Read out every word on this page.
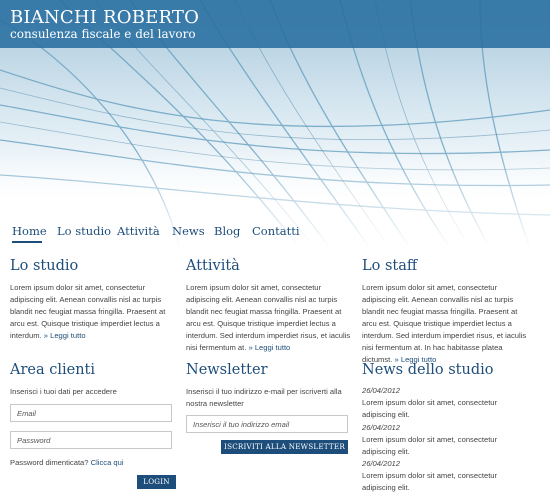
BIANCHI ROBERTO
consulenza fiscale e del lavoro
Home Lo studio Attività News Blog Contatti
Lo studio
Lorem ipsum dolor sit amet, consectetur adipiscing elit. Aenean convallis nisl ac turpis blandit nec feugiat massa fringilla. Praesent at arcu est. Quisque tristique imperdiet lectus a interdum. » Leggi tutto
Attività
Lorem ipsum dolor sit amet, consectetur adipiscing elit. Aenean convallis nisl ac turpis blandit nec feugiat massa fringilla. Praesent at arcu est. Quisque tristique imperdiet lectus a interdum. Sed interdum imperdiet risus, et iaculis nisi fermentum at. » Leggi tutto
Lo staff
Lorem ipsum dolor sit amet, consectetur adipiscing elit. Aenean convallis nisl ac turpis blandit nec feugiat massa fringilla. Praesent at arcu est. Quisque tristique imperdiet lectus a interdum. Sed interdum imperdiet risus, et iaculis nisi fermentum at. In hac habitasse platea dictumst. » Leggi tutto
Area clienti
Inserisci i tuoi dati per accedere
Email
Password
Password dimenticata? Clicca qui
LOGIN
Newsletter
Inserisci il tuo indirizzo e-mail per iscriverti alla nostra newsletter
Inserisci il tuo indirizzo email
ISCRIVITI ALLA NEWSLETTER
News dello studio
26/04/2012
Lorem ipsum dolor sit amet, consectetur adipiscing elit.
26/04/2012
Lorem ipsum dolor sit amet, consectetur adipiscing elit.
26/04/2012
Lorem ipsum dolor sit amet, consectetur adipiscing elit.
